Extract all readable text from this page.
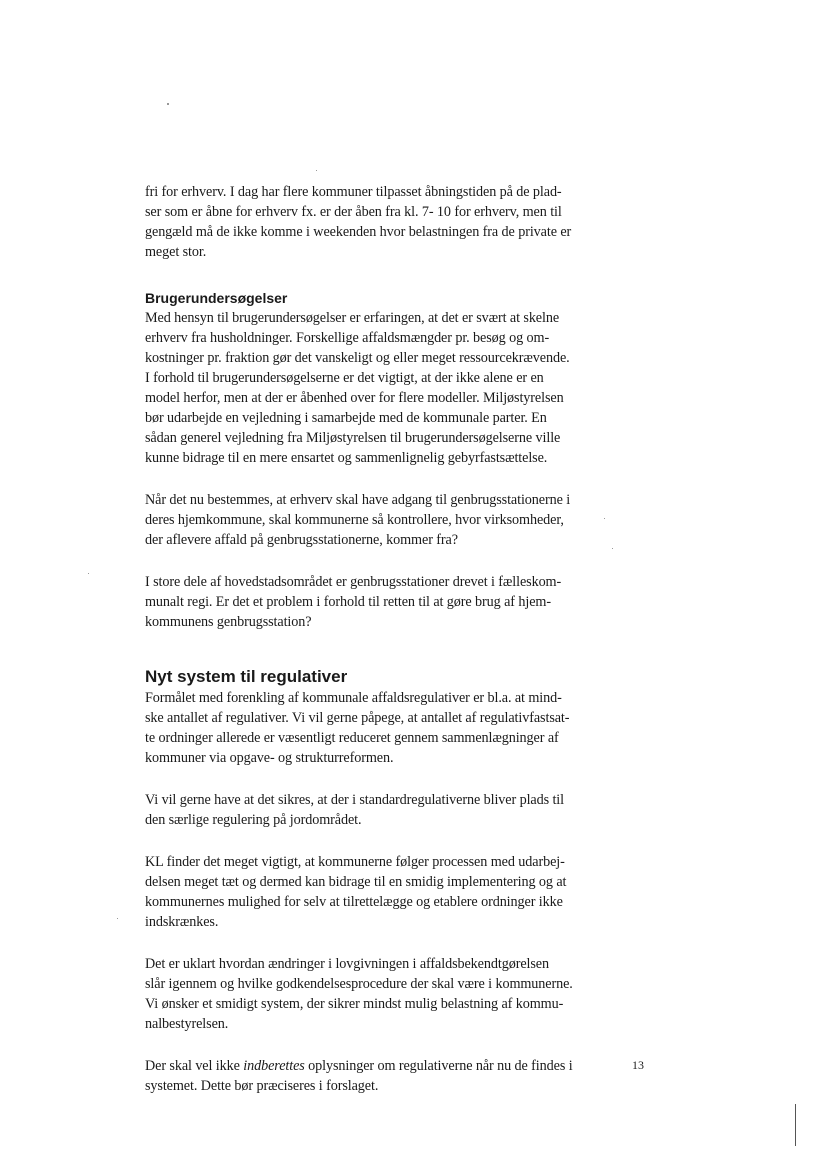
fri for erhverv. I dag har flere kommuner tilpasset åbningstiden på de plad-
ser som er åbne for erhverv fx. er der åben fra kl. 7- 10 for erhverv, men til
gengæld må de ikke komme i weekenden hvor belastningen fra de private er
meget stor.
Brugerundersøgelser
Med hensyn til brugerundersøgelser er erfaringen, at det er svært at skelne
erhverv fra husholdninger. Forskellige affaldsmængder pr. besøg og om-
kostninger pr. fraktion gør det vanskeligt og eller meget ressourcekrævende.
I forhold til brugerundersøgelserne er det vigtigt, at der ikke alene er en
model herfor, men at der er åbenhed over for flere modeller. Miljøstyrelsen
bør udarbejde en vejledning i samarbejde med de kommunale parter. En
sådan generel vejledning fra Miljøstyrelsen til brugerundersøgelserne ville
kunne bidrage til en mere ensartet og sammenlignelig gebyrfastsættelse.
Når det nu bestemmes, at erhverv skal have adgang til genbrugsstationerne i
deres hjemkommune, skal kommunerne så kontrollere, hvor virksomheder,
der aflevere affald på genbrugsstationerne, kommer fra?
I store dele af hovedstadsområdet er genbrugsstationer drevet i fælleskom-
munalt regi. Er det et problem i forhold til retten til at gøre brug af hjem-
kommunens genbrugsstation?
Nyt system til regulativer
Formålet med forenkling af kommunale affaldsregulativer er bl.a. at mind-
ske antallet af regulativer. Vi vil gerne påpege, at antallet af regulativfastsat-
te ordninger allerede er væsentligt reduceret gennem sammenlægninger af
kommuner via opgave- og strukturreformen.
Vi vil gerne have at det sikres, at der i standardregulativerne bliver plads til
den særlige regulering på jordområdet.
KL finder det meget vigtigt, at kommunerne følger processen med udarbej-
delsen meget tæt og dermed kan bidrage til en smidig implementering og at
kommunernes mulighed for selv at tilrettelægge og etablere ordninger ikke
indskrænkes.
Det er uklart hvordan ændringer i lovgivningen i affaldsbekendtgørelsen
slår igennem og hvilke godkendelsesprocedure der skal være i kommunerne.
Vi ønsker et smidigt system, der sikrer mindst mulig belastning af kommu-
nalbestyrelsen.
Der skal vel ikke indberettes oplysninger om regulativerne når nu de findes i
systemet. Dette bør præciseres i forslaget.
13
